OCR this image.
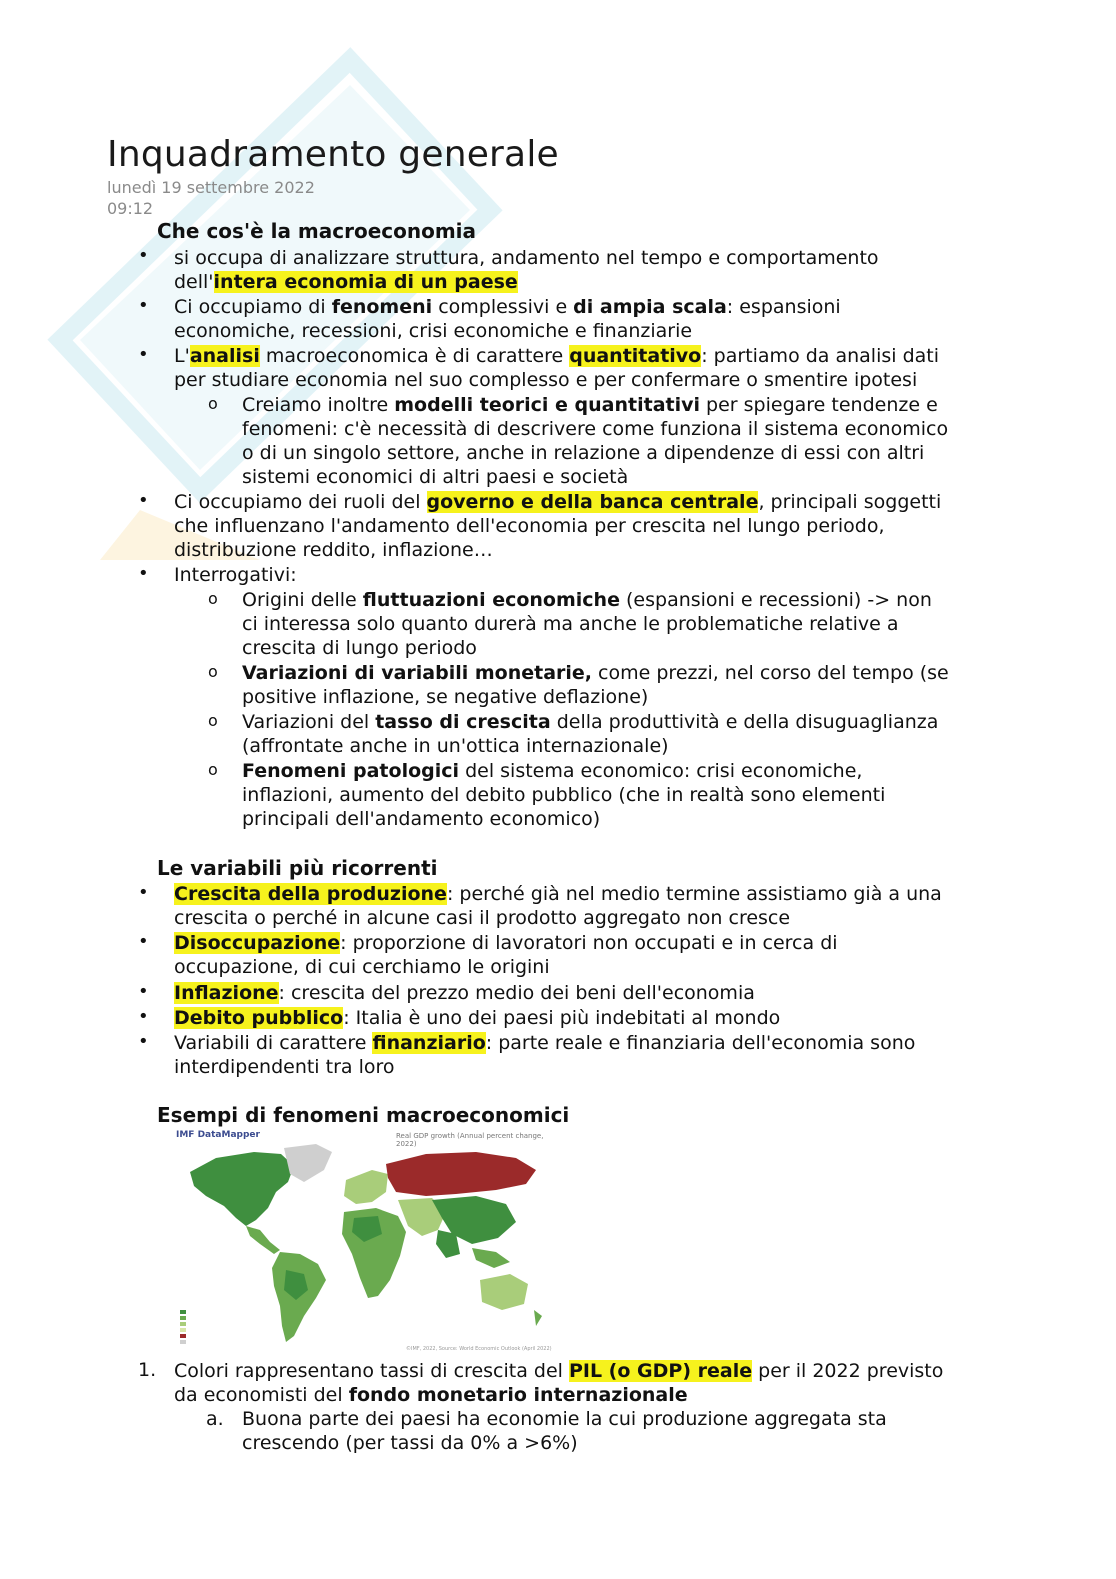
Inquadramento generale
lunedì 19 settembre 2022
09:12
Che cos'è la macroeconomia
• si occupa di analizzare struttura, andamento nel tempo e comportamento
dell'intera economia di un paese
• Ci occupiamo di fenomeni complessivi e di ampia scala: espansioni
economiche, recessioni, crisi economiche e finanziarie
• L'analisi macroeconomica è di carattere quantitativo: partiamo da analisi dati
per studiare economia nel suo complesso e per confermare o smentire ipotesi
o Creiamo inoltre modelli teorici e quantitativi per spiegare tendenze e
fenomeni: c'è necessità di descrivere come funziona il sistema economico
o di un singolo settore, anche in relazione a dipendenze di essi con altri
sistemi economici di altri paesi e società
• Ci occupiamo dei ruoli del governo e della banca centrale, principali soggetti
che influenzano l'andamento dell'economia per crescita nel lungo periodo,
distribuzione reddito, inflazione…
• Interrogativi:
o Origini delle fluttuazioni economiche (espansioni e recessioni) -> non
ci interessa solo quanto durerà ma anche le problematiche relative a
crescita di lungo periodo
o Variazioni di variabili monetarie, come prezzi, nel corso del tempo (se
positive inflazione, se negative deflazione)
o Variazioni del tasso di crescita della produttività e della disuguaglianza
(affrontate anche in un'ottica internazionale)
o Fenomeni patologici del sistema economico: crisi economiche,
inflazioni, aumento del debito pubblico (che in realtà sono elementi
principali dell'andamento economico)
Le variabili più ricorrenti
• Crescita della produzione: perché già nel medio termine assistiamo già a una
crescita o perché in alcune casi il prodotto aggregato non cresce
• Disoccupazione: proporzione di lavoratori non occupati e in cerca di
occupazione, di cui cerchiamo le origini
• Inflazione: crescita del prezzo medio dei beni dell'economia
• Debito pubblico: Italia è uno dei paesi più indebitati al mondo
• Variabili di carattere finanziario: parte reale e finanziaria dell'economia sono
interdipendenti tra loro
Esempi di fenomeni macroeconomici
IMF DataMapper	Real GDP growth (Annual percent change, 2022)
©IMF, 2022, Source: World Economic Outlook (April 2022)
1. Colori rappresentano tassi di crescita del PIL (o GDP) reale per il 2022 previsto
da economisti del fondo monetario internazionale
a. Buona parte dei paesi ha economie la cui produzione aggregata sta
crescendo (per tassi da 0% a >6%)
